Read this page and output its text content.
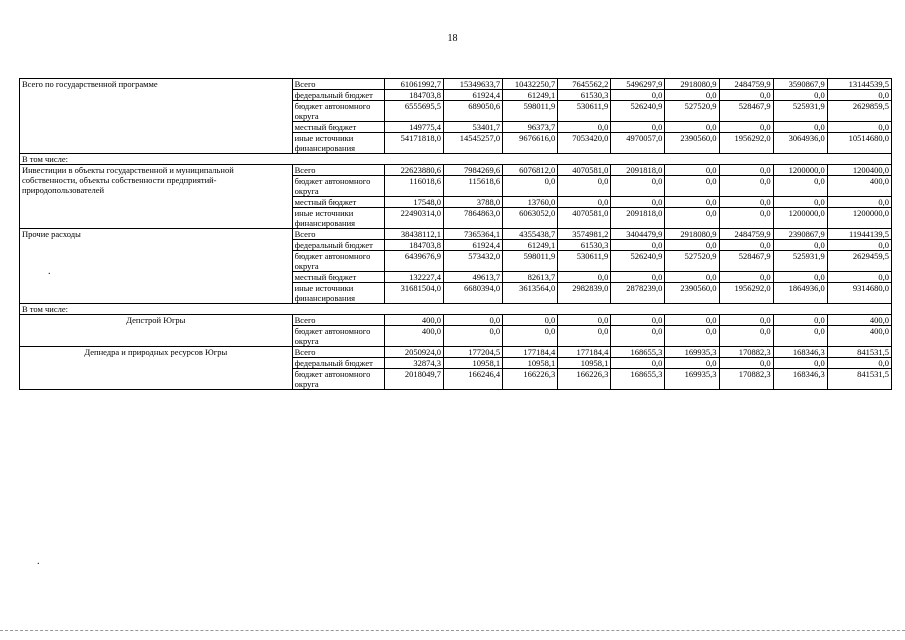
18
Всего по государственной программе	Всего	61061992,7	15349633,7	10432250,7	7645562,2	5496297,9	2918080,9	2484759,9	3590867,9	13144539,5
	федеральный бюджет	184703,8	61924,4	61249,1	61530,3	0,0	0,0	0,0	0,0	0,0
	бюджет автономного округа	6555695,5	689050,6	598011,9	530611,9	526240,9	527520,9	528467,9	525931,9	2629859,5
	местный бюджет	149775,4	53401,7	96373,7	0,0	0,0	0,0	0,0	0,0	0,0
	иные источники финансирования	54171818,0	14545257,0	9676616,0	7053420,0	4970057,0	2390560,0	1956292,0	3064936,0	10514680,0
В том числе:										
Инвестиции в объекты государственной и муниципальной собственности, объекты собственности предприятий-природопользователей	Всего	22623880,6	7984269,6	6076812,0	4070581,0	2091818,0	0,0	0,0	1200000,0	1200400,0
	бюджет автономного округа	116018,6	115618,6	0,0	0,0	0,0	0,0	0,0	0,0	400,0
	местный бюджет	17548,0	3788,0	13760,0	0,0	0,0	0,0	0,0	0,0	0,0
	иные источники финансирования	22490314,0	7864863,0	6063052,0	4070581,0	2091818,0	0,0	0,0	1200000,0	1200000,0
Прочие расходы	Всего	38438112,1	7365364,1	4355438,7	3574981,2	3404479,9	2918080,9	2484759,9	2390867,9	11944139,5
	федеральный бюджет	184703,8	61924,4	61249,1	61530,3	0,0	0,0	0,0	0,0	0,0
	бюджет автономного округа	6439676,9	573432,0	598011,9	530611,9	526240,9	527520,9	528467,9	525931,9	2629459,5
	местный бюджет	132227,4	49613,7	82613,7	0,0	0,0	0,0	0,0	0,0	0,0
	иные источники финансирования	31681504,0	6680394,0	3613564,0	2982839,0	2878239,0	2390560,0	1956292,0	1864936,0	9314680,0
В том числе:										
Депстрой Югры	Всего	400,0	0,0	0,0	0,0	0,0	0,0	0,0	0,0	400,0
	бюджет автономного округа	400,0	0,0	0,0	0,0	0,0	0,0	0,0	0,0	400,0
Депнедра и природных ресурсов Югры	Всего	2050924,0	177204,5	177184,4	177184,4	168655,3	169935,3	170882,3	168346,3	841531,5
	федеральный бюджет	32874,3	10958,1	10958,1	10958,1	0,0	0,0	0,0	0,0	0,0
	бюджет автономного округа	2018049,7	166246,4	166226,3	166226,3	168655,3	169935,3	170882,3	168346,3	841531,5
.
.
